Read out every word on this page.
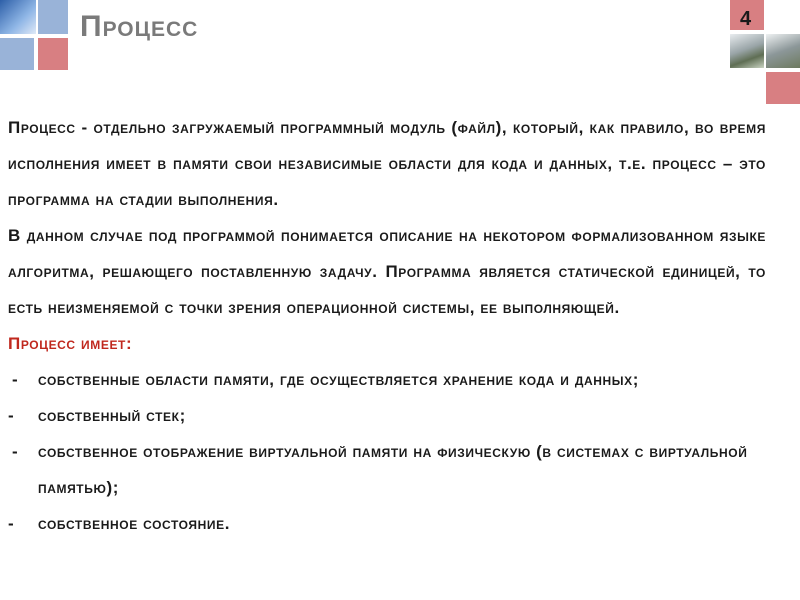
Процесс	4

Процесс - отдельно загружаемый программный модуль (файл), который, как правило, во время исполнения имеет в памяти свои независимые области для кода и данных, т.е. процесс – это программа на стадии выполнения.

В данном случае под программой понимается описание на некотором формализованном языке алгоритма, решающего поставленную задачу. Программа является статической единицей, то есть неизменяемой с точки зрения операционной системы, ее выполняющей.

Процесс имеет:

- собственные области памяти, где осуществляется хранение кода и данных;
- собственный стек;
- собственное отображение виртуальной памяти на физическую (в системах с виртуальной памятью);
- собственное состояние.
